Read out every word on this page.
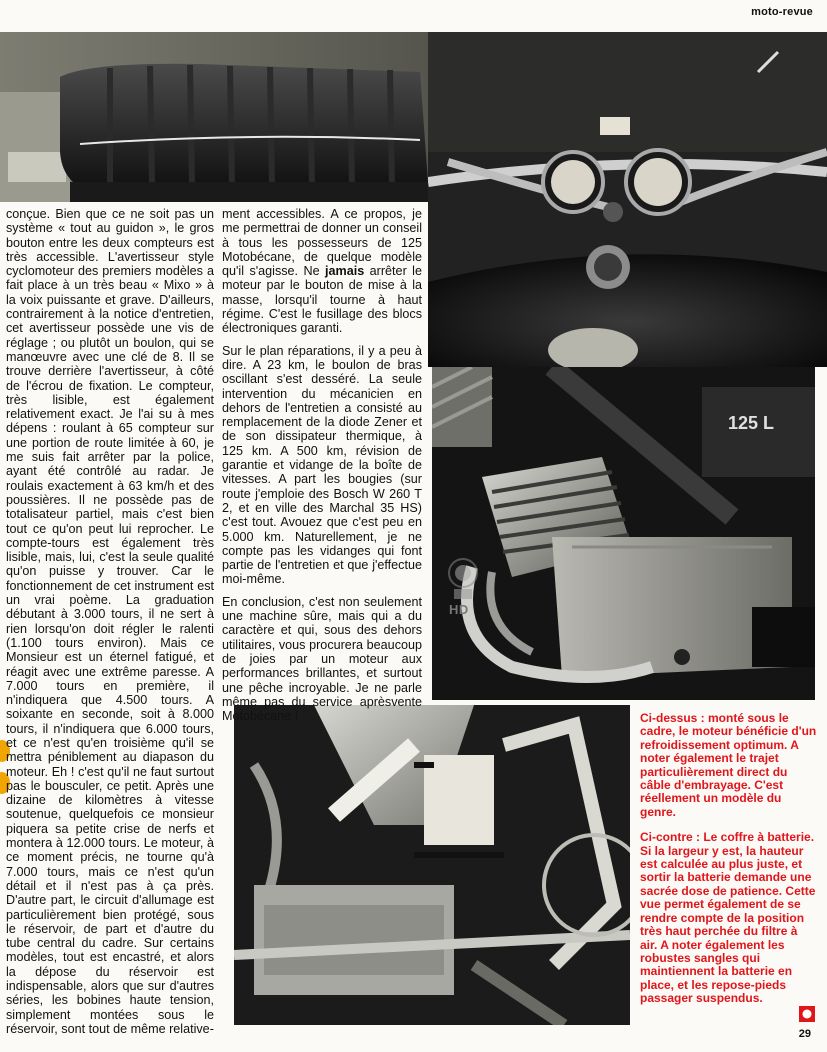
moto-revue
125 L

conçue. Bien que ce ne soit pas un système « tout au guidon », le gros bouton entre les deux compteurs est très accessible. L'avertisseur style cyclomoteur des premiers modèles a fait place à un très beau « Mixo » à la voix puissante et grave. D'ailleurs, contrairement à la notice d'entretien, cet avertisseur possède une vis de réglage ; ou plutôt un boulon, qui se manœuvre avec une clé de 8. Il se trouve derrière l'avertisseur, à côté de l'écrou de fixation. Le compteur, très lisible, est également relativement exact. Je l'ai su à mes dépens : roulant à 65 compteur sur une portion de route limitée à 60, je me suis fait arrêter par la police, ayant été contrôlé au radar. Je roulais exactement à 63 km/h et des poussières. Il ne possède pas de totalisateur partiel, mais c'est bien tout ce qu'on peut lui reprocher. Le compte-tours est également très lisible, mais, lui, c'est la seule qualité qu'on puisse y trouver. Car le fonctionnement de cet instrument est un vrai poème. La graduation débutant à 3.000 tours, il ne sert à rien lorsqu'on doit régler le ralenti (1.100 tours environ). Mais ce Monsieur est un éternel fatigué, et réagit avec une extrême paresse. A 7.000 tours en première, il n'indiquera que 4.500 tours. A soixante en seconde, soit à 8.000 tours, il n'indiquera que 6.000 tours, et ce n'est qu'en troisième qu'il se mettra péniblement au diapason du moteur. Eh ! c'est qu'il ne faut surtout pas le bousculer, ce petit. Après une dizaine de kilomètres à vitesse soutenue, quelquefois ce monsieur piquera sa petite crise de nerfs et montera à 12.000 tours. Le moteur, à ce moment précis, ne tourne qu'à 7.000 tours, mais ce n'est qu'un détail et il n'est pas à ça près. D'autre part, le circuit d'allumage est particulièrement bien protégé, sous le réservoir, de part et d'autre du tube central du cadre. Sur certains modèles, tout est encastré, et alors la dépose du réservoir est indispensable, alors que sur d'autres séries, les bobines haute tension, simplement montées sous le réservoir, sont tout de même relative-

ment accessibles. A ce propos, je me permettrai de donner un conseil à tous les possesseurs de 125 Motobécane, de quelque modèle qu'il s'agisse. Ne jamais arrêter le moteur par le bouton de mise à la masse, lorsqu'il tourne à haut régime. C'est le fusillage des blocs électroniques garanti.

Sur le plan réparations, il y a peu à dire. A 23 km, le boulon de bras oscillant s'est desséré. La seule intervention du mécanicien en dehors de l'entretien a consisté au remplacement de la diode Zener et de son dissipateur thermique, à 125 km. A 500 km, révision de garantie et vidange de la boîte de vitesses. A part les bougies (sur route j'emploie des Bosch W 260 T 2, et en ville des Marchal 35 HS) c'est tout. Avouez que c'est peu en 5.000 km. Naturellement, je ne compte pas les vidanges qui font partie de l'entretien et que j'effectue moi-même.

En conclusion, c'est non seulement une machine sûre, mais qui a du caractère et qui, sous des dehors utilitaires, vous procurera beaucoup de joies par un moteur aux performances brillantes, et surtout une pêche incroyable. Je ne parle même pas du service aprèsvente Motobécane !

HD

Ci-dessus : monté sous le cadre, le moteur bénéficie d'un refroidissement optimum. A noter également le trajet particulièrement direct du câble d'embrayage. C'est réellement un modèle du genre.

Ci-contre : Le coffre à batterie. Si la largeur y est, la hauteur est calculée au plus juste, et sortir la batterie demande une sacrée dose de patience. Cette vue permet également de se rendre compte de la position très haut perchée du filtre à air. A noter également les robustes sangles qui maintiennent la batterie en place, et les repose-pieds passager suspendus.

29
